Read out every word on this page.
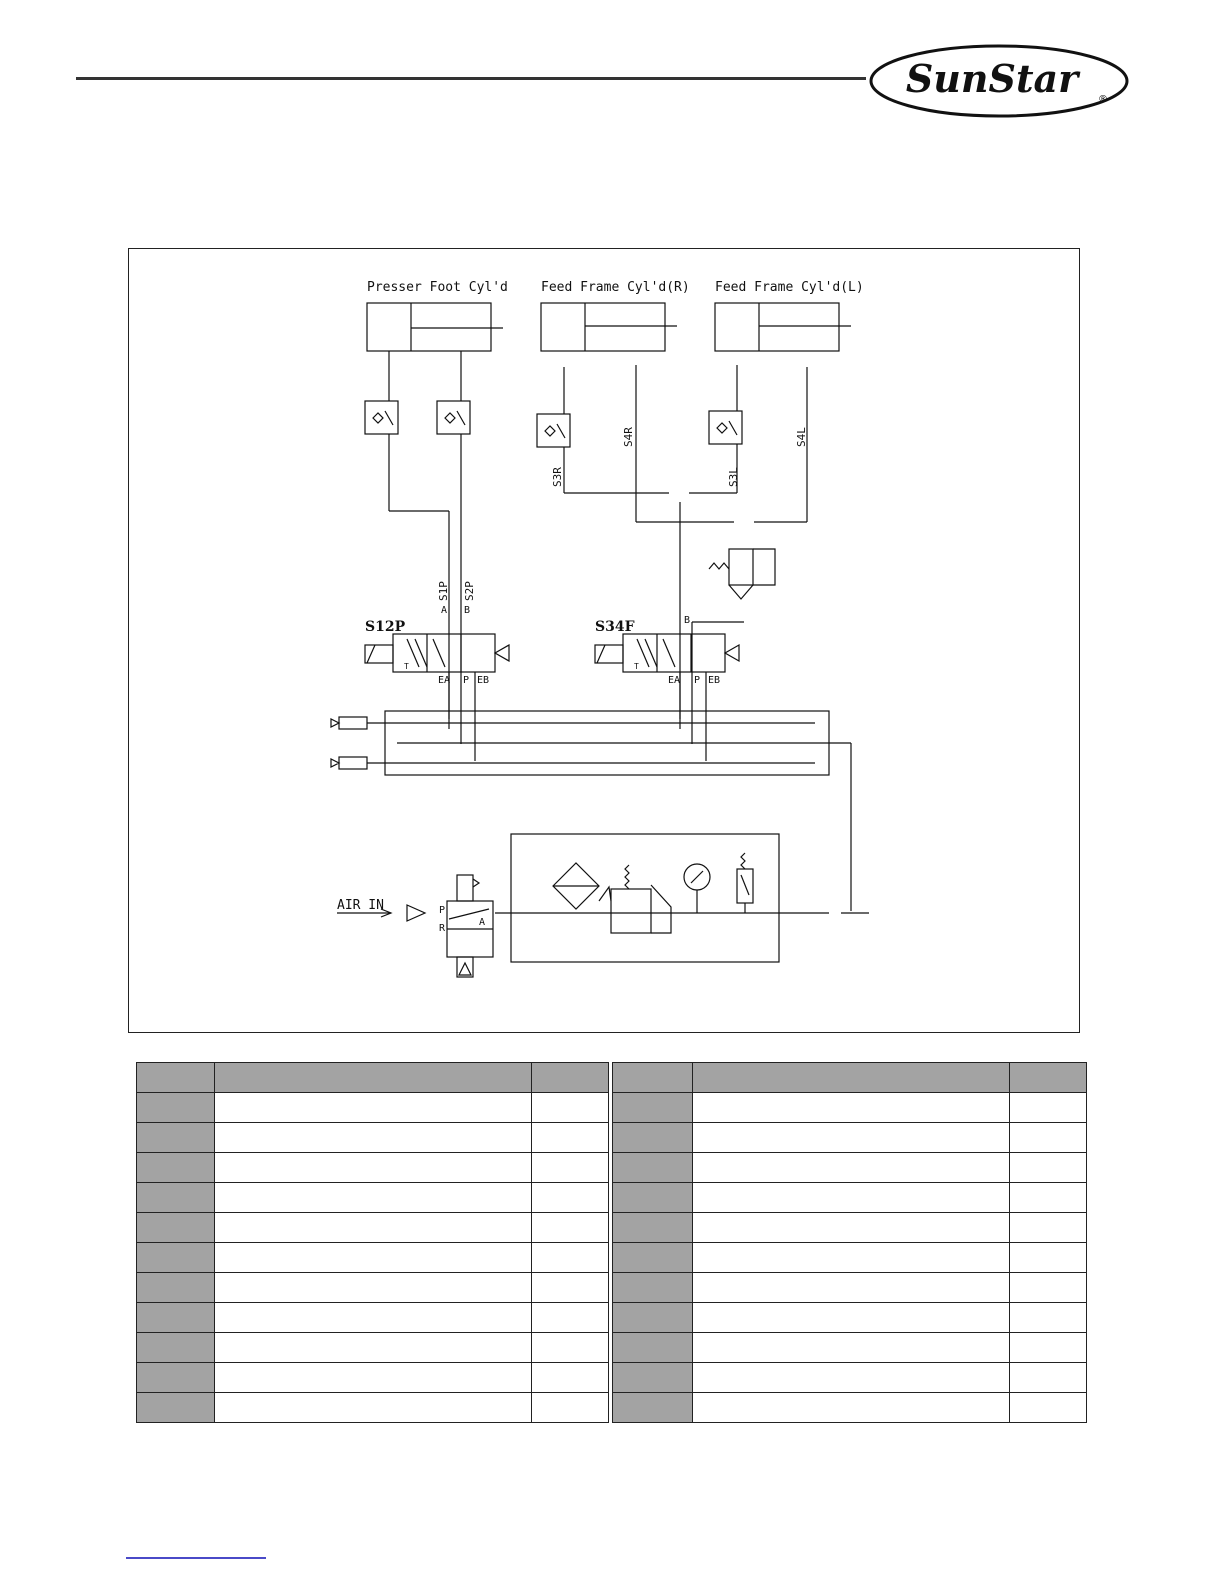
SunStar ®
Presser Foot Cyl'd	Feed Frame Cyl'd(R) Feed Frame Cyl'd(L)
S1P S2P
S3R
S4R
S3L
S4L
A B
B
S12P	S34F
T	T
EA P EB	EA P EB
AIR IN	P
R
A
